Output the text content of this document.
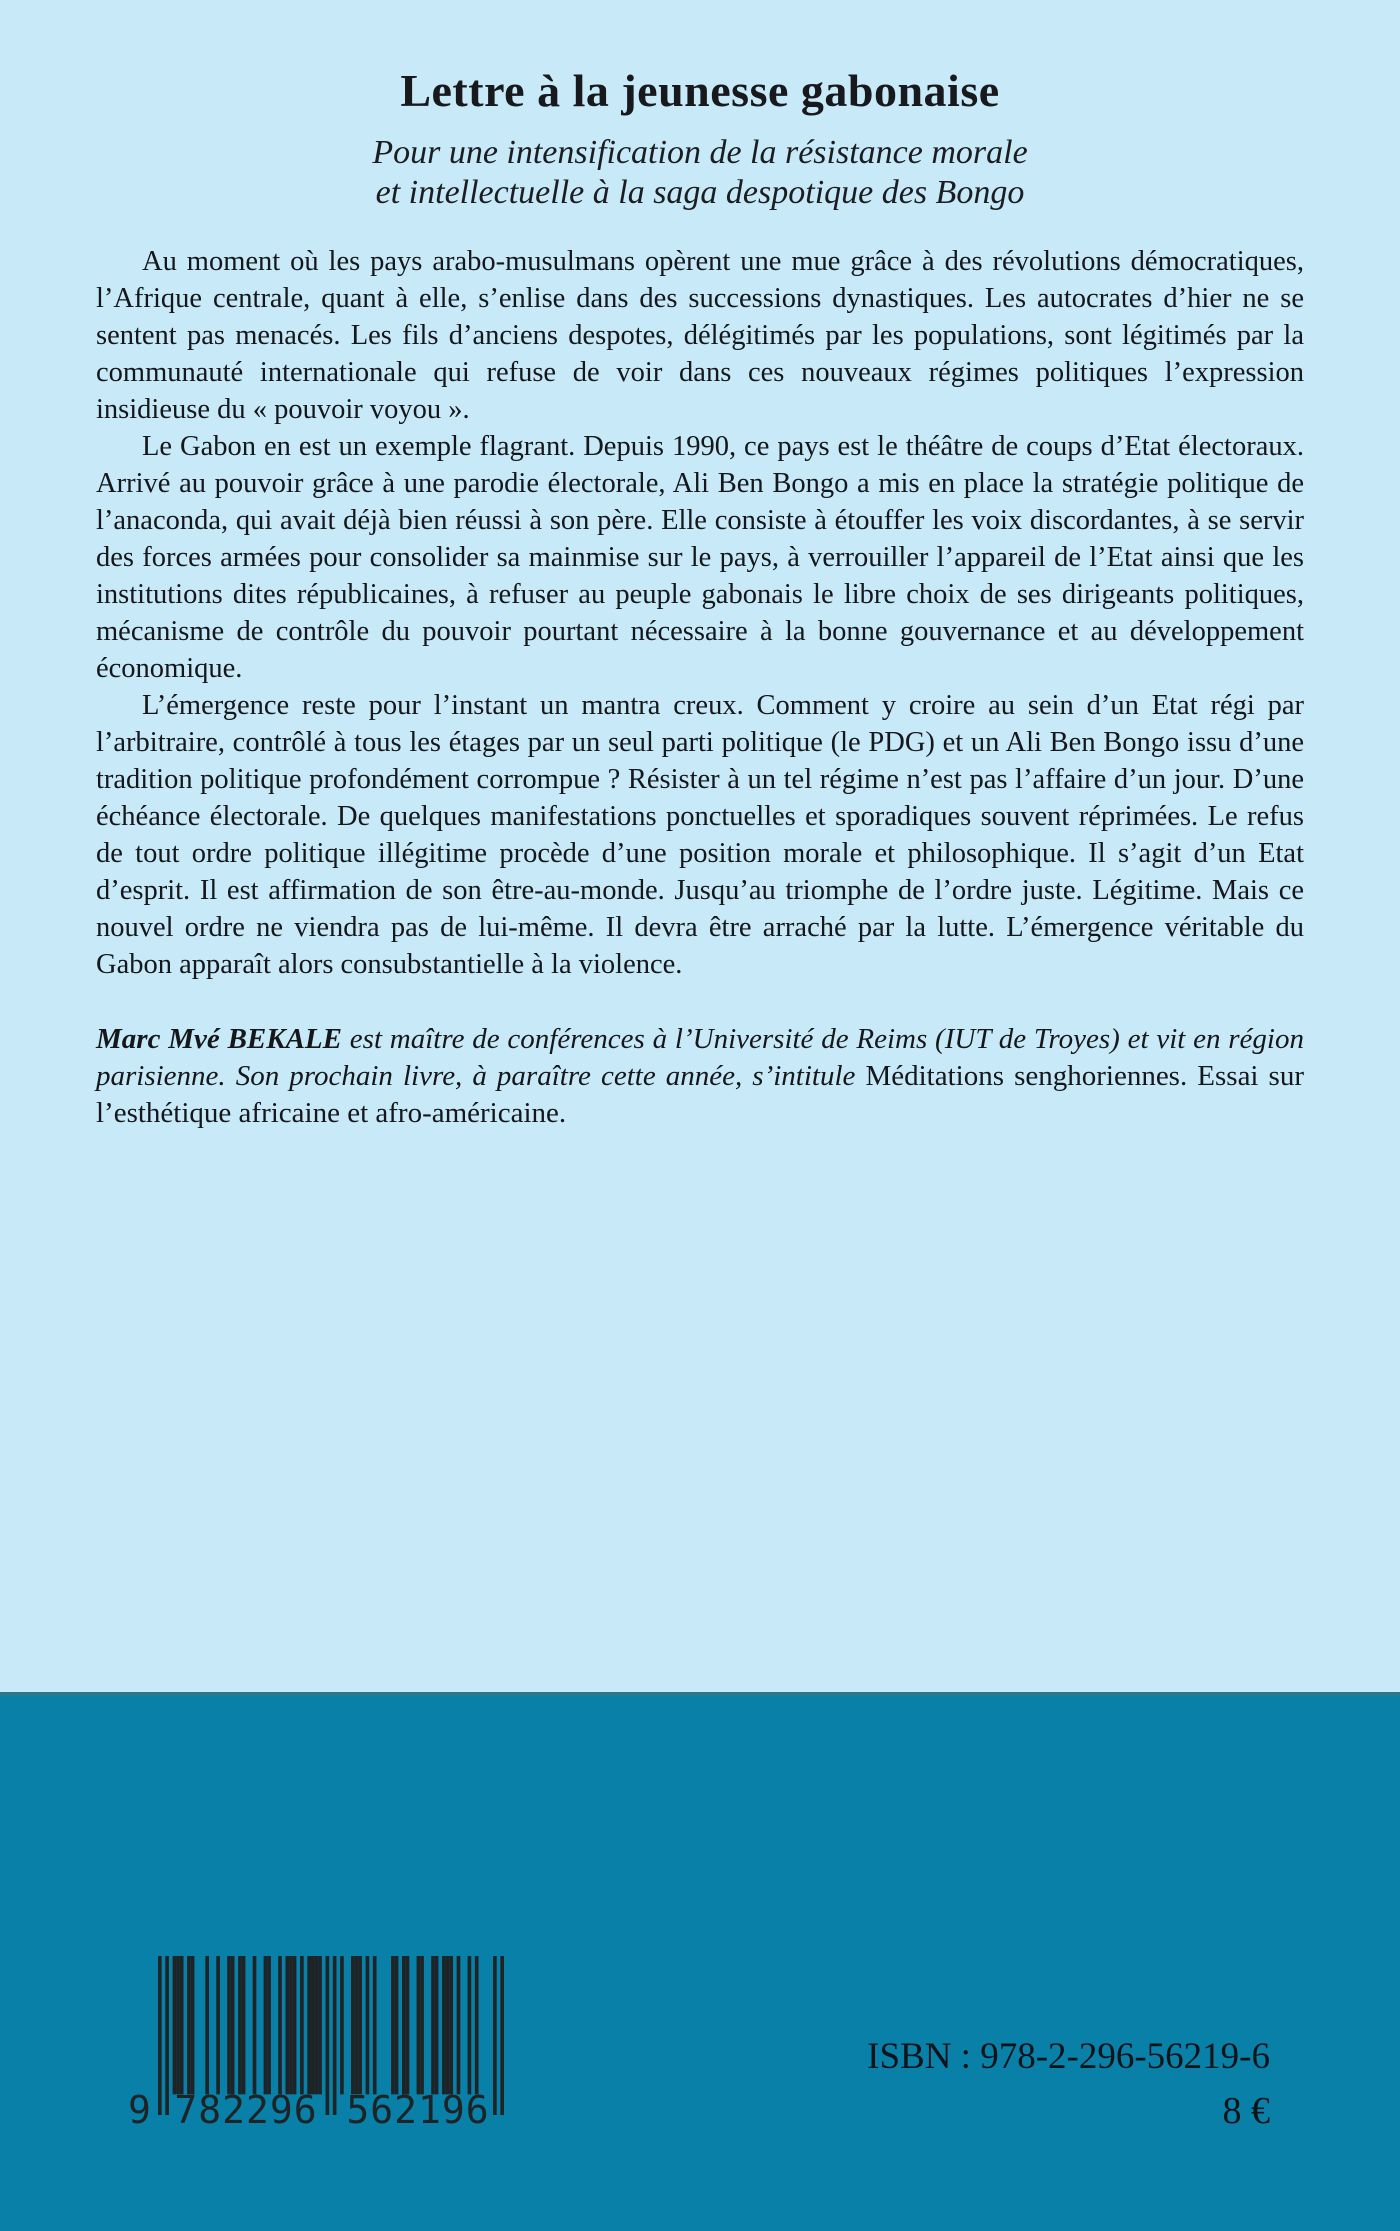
Lettre à la jeunesse gabonaise
Pour une intensification de la résistance morale
et intellectuelle à la saga despotique des Bongo

Au moment où les pays arabo-musulmans opèrent une mue grâce à des révolutions démocratiques, l’Afrique centrale, quant à elle, s’enlise dans des successions dynastiques. Les autocrates d’hier ne se sentent pas menacés. Les fils d’anciens despotes, délégitimés par les populations, sont légitimés par la communauté internationale qui refuse de voir dans ces nouveaux régimes politiques l’expression insidieuse du « pouvoir voyou ».

Le Gabon en est un exemple flagrant. Depuis 1990, ce pays est le théâtre de coups d’Etat électoraux. Arrivé au pouvoir grâce à une parodie électorale, Ali Ben Bongo a mis en place la stratégie politique de l’anaconda, qui avait déjà bien réussi à son père. Elle consiste à étouffer les voix discordantes, à se servir des forces armées pour consolider sa mainmise sur le pays, à verrouiller l’appareil de l’Etat ainsi que les institutions dites républicaines, à refuser au peuple gabonais le libre choix de ses dirigeants politiques, mécanisme de contrôle du pouvoir pourtant nécessaire à la bonne gouvernance et au développement économique.

L’émergence reste pour l’instant un mantra creux. Comment y croire au sein d’un Etat régi par l’arbitraire, contrôlé à tous les étages par un seul parti politique (le PDG) et un Ali Ben Bongo issu d’une tradition politique profondément corrompue ? Résister à un tel régime n’est pas l’affaire d’un jour. D’une échéance électorale. De quelques manifestations ponctuelles et sporadiques souvent réprimées. Le refus de tout ordre politique illégitime procède d’une position morale et philosophique. Il s’agit d’un Etat d’esprit. Il est affirmation de son être-au-monde. Jusqu’au triomphe de l’ordre juste. Légitime. Mais ce nouvel ordre ne viendra pas de lui-même. Il devra être arraché par la lutte. L’émergence véritable du Gabon apparaît alors consubstantielle à la violence.

Marc Mvé BEKALE est maître de conférences à l’Université de Reims (IUT de Troyes) et vit en région parisienne. Son prochain livre, à paraître cette année, s’intitule Méditations senghoriennes. Essai sur l’esthétique africaine et afro-américaine.

9 782296 562196
ISBN : 978-2-296-56219-6
8 €
